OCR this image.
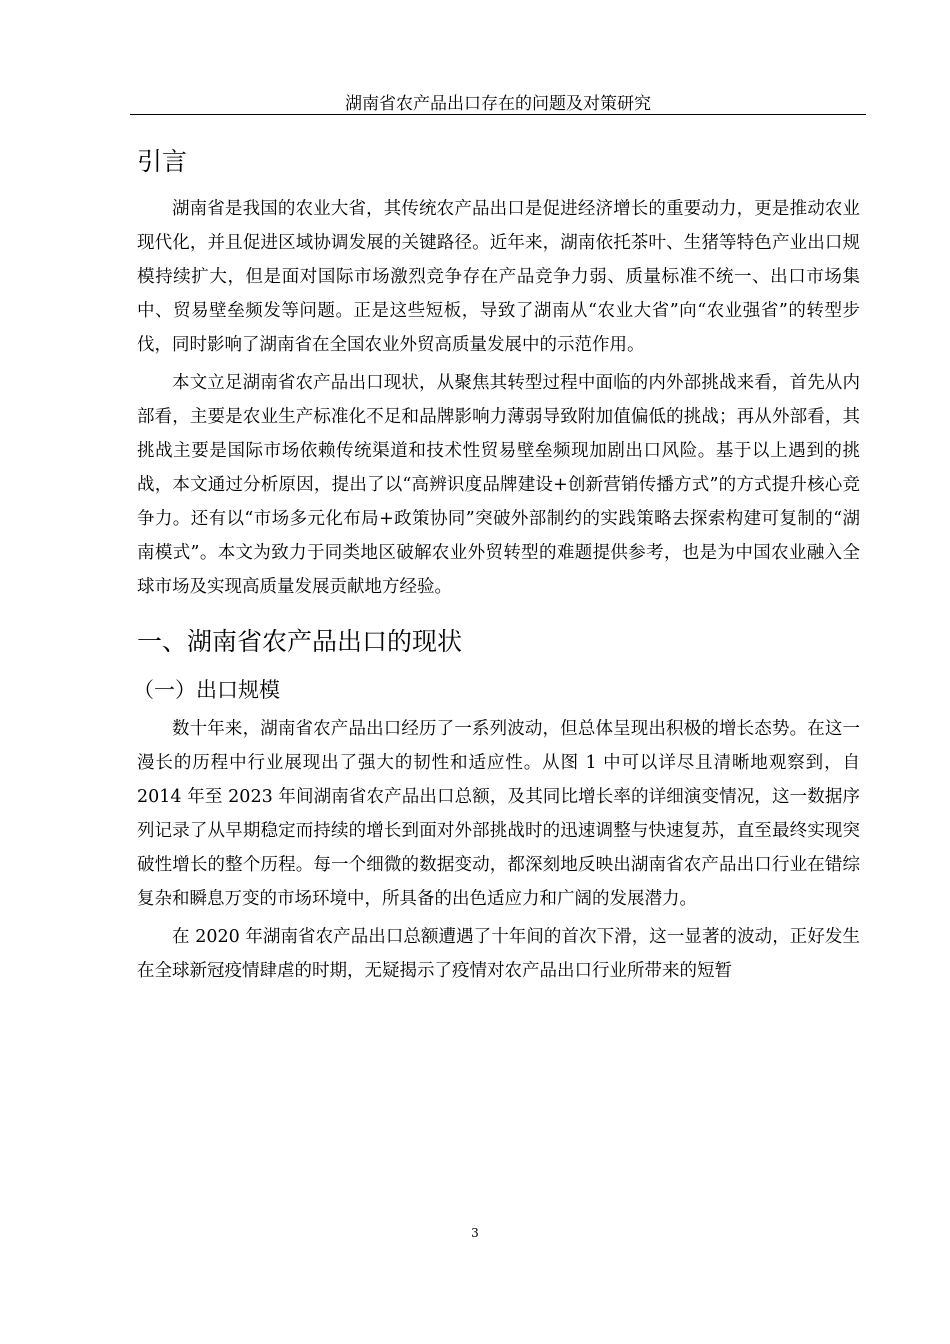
湖南省农产品出口存在的问题及对策研究
引言

湖南省是我国的农业大省，其传统农产品出口是促进经济增长的重要动力，更是推动农业现代化，并且促进区域协调发展的关键路径。近年来，湖南依托茶叶、生猪等特色产业出口规模持续扩大，但是面对国际市场激烈竞争存在产品竞争力弱、质量标准不统一、出口市场集中、贸易壁垒频发等问题。正是这些短板，导致了湖南从“农业大省”向“农业强省”的转型步伐，同时影响了湖南省在全国农业外贸高质量发展中的示范作用。

本文立足湖南省农产品出口现状，从聚焦其转型过程中面临的内外部挑战来看，首先从内部看，主要是农业生产标准化不足和品牌影响力薄弱导致附加值偏低的挑战；再从外部看，其挑战主要是国际市场依赖传统渠道和技术性贸易壁垒频现加剧出口风险。基于以上遇到的挑战，本文通过分析原因，提出了以“高辨识度品牌建设+创新营销传播方式”的方式提升核心竞争力。还有以“市场多元化布局+政策协同”突破外部制约的实践策略去探索构建可复制的“湖南模式”。本文为致力于同类地区破解农业外贸转型的难题提供参考，也是为中国农业融入全球市场及实现高质量发展贡献地方经验。

一、湖南省农产品出口的现状
（一）出口规模

数十年来，湖南省农产品出口经历了一系列波动，但总体呈现出积极的增长态势。在这一漫长的历程中行业展现出了强大的韧性和适应性。从图 1 中可以详尽且清晰地观察到，自 2014 年至 2023 年间湖南省农产品出口总额，及其同比增长率的详细演变情况，这一数据序列记录了从早期稳定而持续的增长到面对外部挑战时的迅速调整与快速复苏，直至最终实现突破性增长的整个历程。每一个细微的数据变动，都深刻地反映出湖南省农产品出口行业在错综复杂和瞬息万变的市场环境中，所具备的出色适应力和广阔的发展潜力。

在 2020 年湖南省农产品出口总额遭遇了十年间的首次下滑，这一显著的波动，正好发生在全球新冠疫情肆虐的时期，无疑揭示了疫情对农产品出口行业所带来的短暂

3
